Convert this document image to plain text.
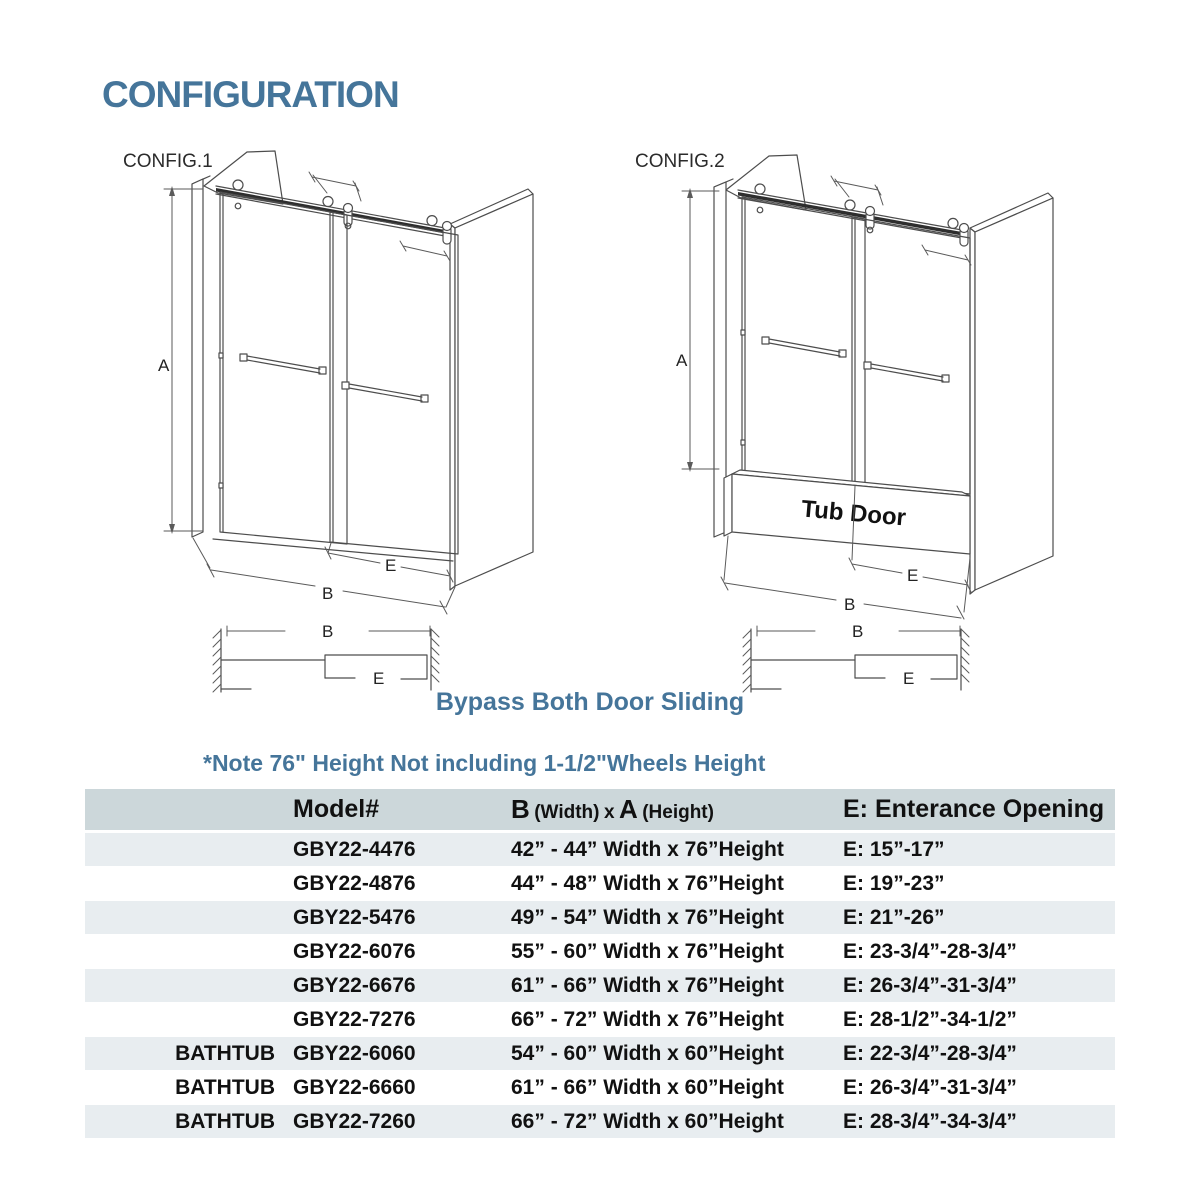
CONFIGURATION
CONFIG.1
A
E
B
CONFIG.2
Tub Door
A
E
B
B
E
B
E
Bypass Both Door Sliding
*Note 76" Height Not including 1-1/2"Wheels Height
Model#	B (Width) x A (Height)	E: Enterance Opening
GBY22-4476	42” - 44” Width x 76”Height	E: 15”-17”
GBY22-4876	44” - 48” Width x 76”Height	E: 19”-23”
GBY22-5476	49” - 54” Width x 76”Height	E: 21”-26”
GBY22-6076	55” - 60” Width x 76”Height	E: 23-3/4”-28-3/4”
GBY22-6676	61” - 66” Width x 76”Height	E: 26-3/4”-31-3/4”
GBY22-7276	66” - 72” Width x 76”Height	E: 28-1/2”-34-1/2”
BATHTUB GBY22-6060	54” - 60” Width x 60”Height	E: 22-3/4”-28-3/4”
BATHTUB GBY22-6660	61” - 66” Width x 60”Height	E: 26-3/4”-31-3/4”
BATHTUB GBY22-7260	66” - 72” Width x 60”Height	E: 28-3/4”-34-3/4”
